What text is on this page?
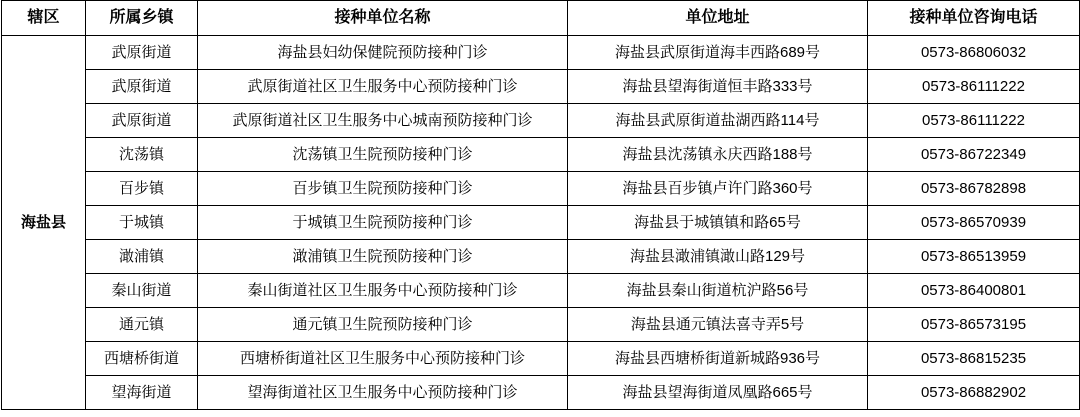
辖区	所属乡镇	接种单位名称	单位地址	接种单位咨询电话
海盐县	武原街道	海盐县妇幼保健院预防接种门诊	海盐县武原街道海丰西路689号	0573-86806032
	武原街道	武原街道社区卫生服务中心预防接种门诊	海盐县望海街道恒丰路333号	0573-86111222
	武原街道	武原街道社区卫生服务中心城南预防接种门诊	海盐县武原街道盐湖西路114号	0573-86111222
	沈荡镇	沈荡镇卫生院预防接种门诊	海盐县沈荡镇永庆西路188号	0573-86722349
	百步镇	百步镇卫生院预防接种门诊	海盐县百步镇卢许门路360号	0573-86782898
	于城镇	于城镇卫生院预防接种门诊	海盐县于城镇镇和路65号	0573-86570939
	澉浦镇	澉浦镇卫生院预防接种门诊	海盐县澉浦镇澉山路129号	0573-86513959
	秦山街道	秦山街道社区卫生服务中心预防接种门诊	海盐县秦山街道杭沪路56号	0573-86400801
	通元镇	通元镇卫生院预防接种门诊	海盐县通元镇法喜寺弄5号	0573-86573195
	西塘桥街道	西塘桥街道社区卫生服务中心预防接种门诊	海盐县西塘桥街道新城路936号	0573-86815235
	望海街道	望海街道社区卫生服务中心预防接种门诊	海盐县望海街道凤凰路665号	0573-86882902
